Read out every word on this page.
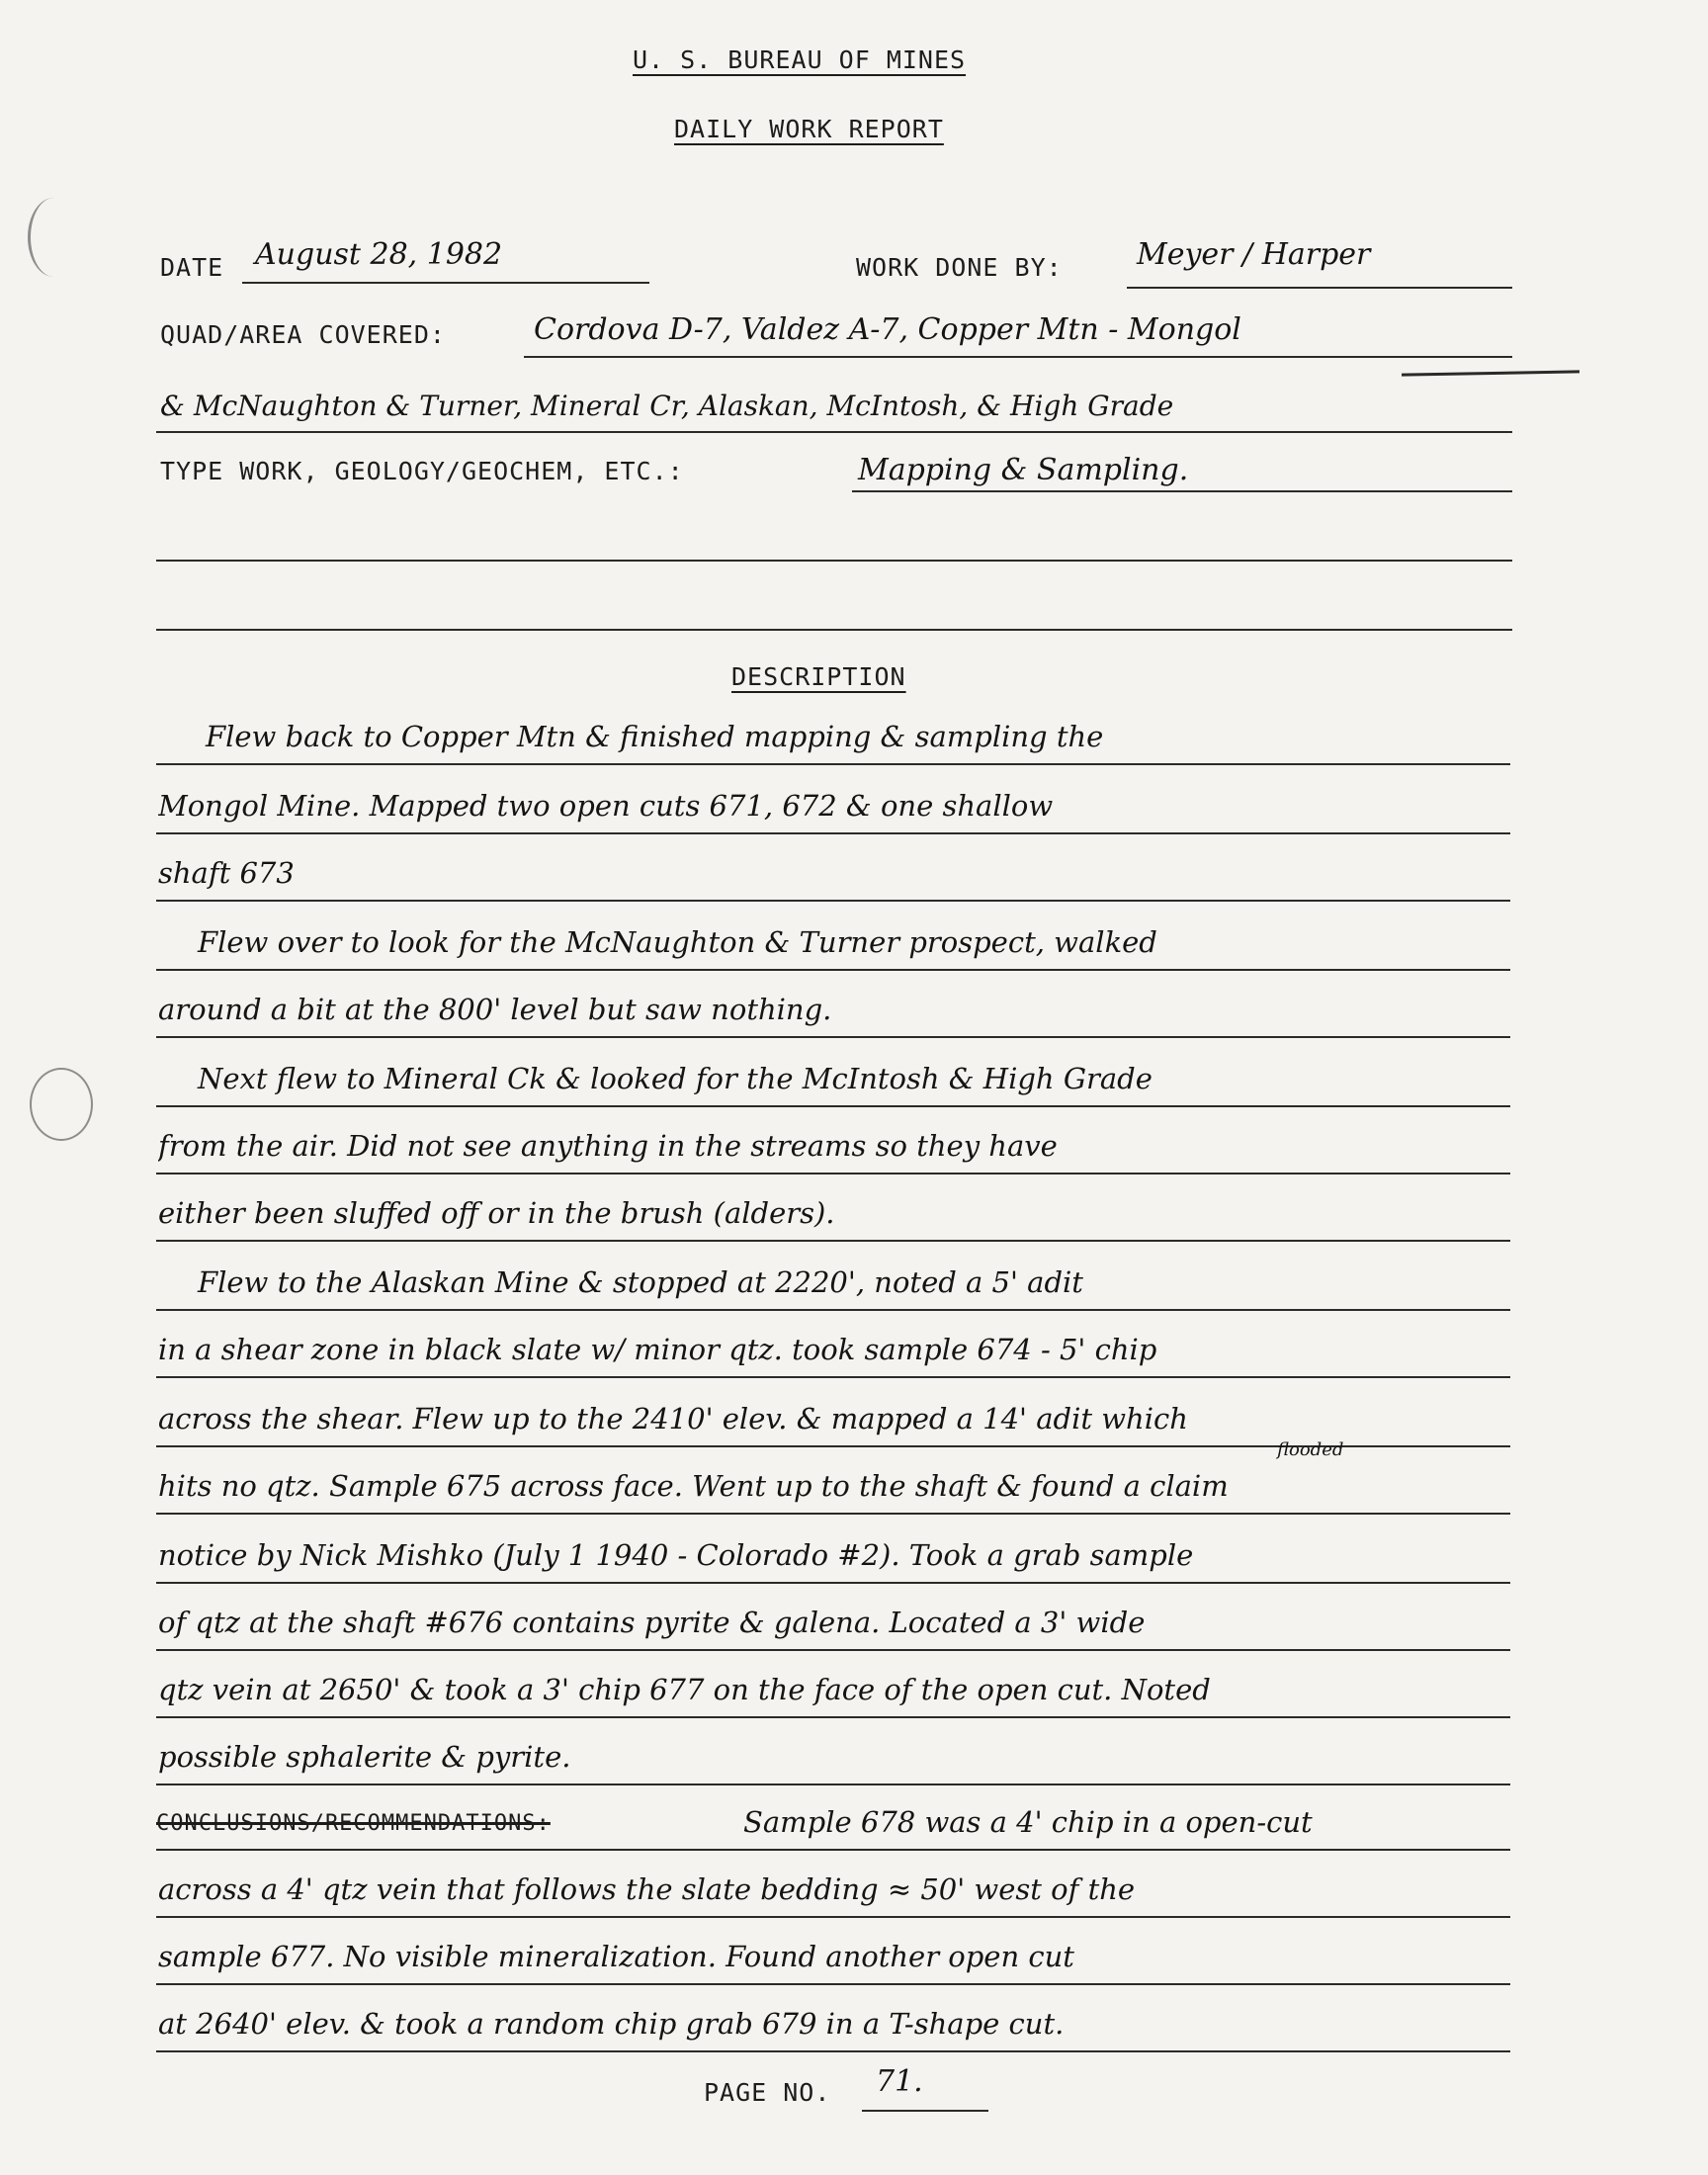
U. S. BUREAU OF MINES
DAILY WORK REPORT
DATE August 28, 1982	WORK DONE BY:	Meyer / Harper
QUAD/AREA COVERED:	Cordova D-7, Valdez A-7, Copper Mtn - Mongol
& McNaughton & Turner, Mineral Cr, Alaskan, McIntosh, & High Grade
TYPE WORK, GEOLOGY/GEOCHEM, ETC.:	Mapping & Sampling.
DESCRIPTION
Flew back to Copper Mtn & finished mapping & sampling the
Mongol Mine. Mapped two open cuts 671, 672 & one shallow
shaft 673
Flew over to look for the McNaughton & Turner prospect, walked
around a bit at the 800' level but saw nothing.
Next flew to Mineral Ck & looked for the McIntosh & High Grade
from the air. Did not see anything in the streams so they have
either been sluffed off or in the brush (alders).
Flew to the Alaskan Mine & stopped at 2220', noted a 5' adit
in a shear zone in black slate w/ minor qtz. took sample 674 - 5' chip
across the shear. Flew up to the 2410' elev. & mapped a 14' adit which
flooded
hits no qtz. Sample 675 across face. Went up to the shaft & found a claim
notice by Nick Mishko (July 1 1940 - Colorado #2). Took a grab sample
of qtz at the shaft #676 contains pyrite & galena. Located a 3' wide
qtz vein at 2650' & took a 3' chip 677 on the face of the open cut. Noted
possible sphalerite & pyrite.
CONCLUSIONS/RECOMMENDATIONS:	Sample 678 was a 4' chip in a open-cut
across a 4' qtz vein that follows the slate bedding ≈ 50' west of the
sample 677. No visible mineralization. Found another open cut
at 2640' elev. & took a random chip grab 679 in a T-shape cut.
PAGE NO. 71.
